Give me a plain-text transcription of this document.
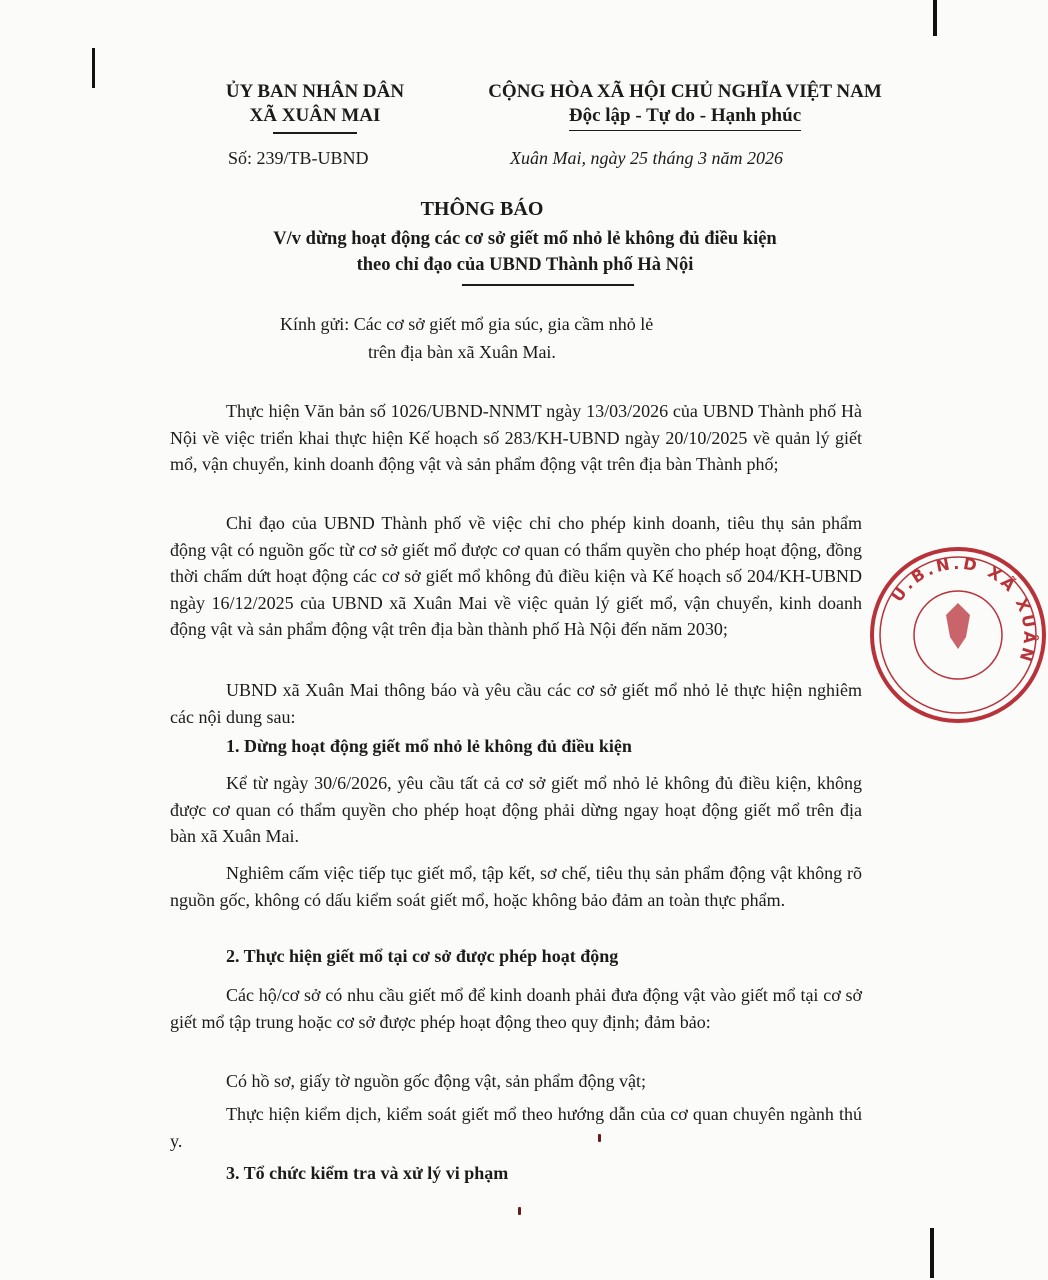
ỦY BAN NHÂN DÂN
XÃ XUÂN MAI
CỘNG HÒA XÃ HỘI CHỦ NGHĨA VIỆT NAM
Độc lập - Tự do - Hạnh phúc
Số: 239/TB-UBND	Xuân Mai, ngày 25 tháng 3 năm 2026
THÔNG BÁO
V/v dừng hoạt động các cơ sở giết mổ nhỏ lẻ không đủ điều kiện
theo chỉ đạo của UBND Thành phố Hà Nội
Kính gửi: Các cơ sở giết mổ gia súc, gia cầm nhỏ lẻ
trên địa bàn xã Xuân Mai.
Thực hiện Văn bản số 1026/UBND-NNMT ngày 13/03/2026 của UBND Thành phố Hà Nội về việc triển khai thực hiện Kế hoạch số 283/KH-UBND ngày 20/10/2025 về quản lý giết mổ, vận chuyển, kinh doanh động vật và sản phẩm động vật trên địa bàn Thành phố;
Chỉ đạo của UBND Thành phố về việc chỉ cho phép kinh doanh, tiêu thụ sản phẩm động vật có nguồn gốc từ cơ sở giết mổ được cơ quan có thẩm quyền cho phép hoạt động, đồng thời chấm dứt hoạt động các cơ sở giết mổ không đủ điều kiện và Kế hoạch số 204/KH-UBND ngày 16/12/2025 của UBND xã Xuân Mai về việc quản lý giết mổ, vận chuyển, kinh doanh động vật và sản phẩm động vật trên địa bàn thành phố Hà Nội đến năm 2030;
UBND xã Xuân Mai thông báo và yêu cầu các cơ sở giết mổ nhỏ lẻ thực hiện nghiêm các nội dung sau:
1. Dừng hoạt động giết mổ nhỏ lẻ không đủ điều kiện
Kể từ ngày 30/6/2026, yêu cầu tất cả cơ sở giết mổ nhỏ lẻ không đủ điều kiện, không được cơ quan có thẩm quyền cho phép hoạt động phải dừng ngay hoạt động giết mổ trên địa bàn xã Xuân Mai.
Nghiêm cấm việc tiếp tục giết mổ, tập kết, sơ chế, tiêu thụ sản phẩm động vật không rõ nguồn gốc, không có dấu kiểm soát giết mổ, hoặc không bảo đảm an toàn thực phẩm.
2. Thực hiện giết mổ tại cơ sở được phép hoạt động
Các hộ/cơ sở có nhu cầu giết mổ để kinh doanh phải đưa động vật vào giết mổ tại cơ sở giết mổ tập trung hoặc cơ sở được phép hoạt động theo quy định; đảm bảo:
Có hồ sơ, giấy tờ nguồn gốc động vật, sản phẩm động vật;
Thực hiện kiểm dịch, kiểm soát giết mổ theo hướng dẫn của cơ quan chuyên ngành thú y.
3. Tổ chức kiểm tra và xử lý vi phạm
U.B.N.D XÃ XUÂN
